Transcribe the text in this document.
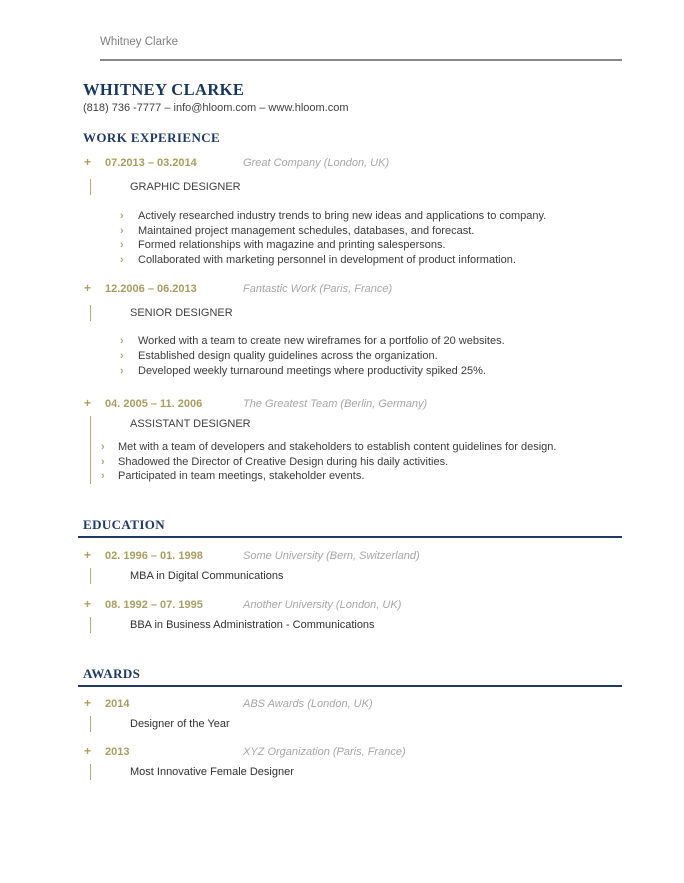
Whitney Clarke
WHITNEY CLARKE
(818) 736 -7777 – info@hloom.com – www.hloom.com
WORK EXPERIENCE
+	07.2013 – 03.2014	Great Company (London, UK)
GRAPHIC DESIGNER
›	Actively researched industry trends to bring new ideas and applications to company.
›	Maintained project management schedules, databases, and forecast.
›	Formed relationships with magazine and printing salespersons.
›	Collaborated with marketing personnel in development of product information.
+	12.2006 – 06.2013	Fantastic Work (Paris, France)
SENIOR DESIGNER
›	Worked with a team to create new wireframes for a portfolio of 20 websites.
›	Established design quality guidelines across the organization.
›	Developed weekly turnaround meetings where productivity spiked 25%.
+	04. 2005 – 11. 2006	The Greatest Team (Berlin, Germany)
ASSISTANT DESIGNER
›	Met with a team of developers and stakeholders to establish content guidelines for design.
›	Shadowed the Director of Creative Design during his daily activities.
›	Participated in team meetings, stakeholder events.
EDUCATION
+	02. 1996 – 01. 1998	Some University (Bern, Switzerland)
MBA in Digital Communications
+	08. 1992 – 07. 1995	Another University (London, UK)
BBA in Business Administration - Communications
AWARDS
+	2014	ABS Awards (London, UK)
Designer of the Year
+	2013	XYZ Organization (Paris, France)
Most Innovative Female Designer
